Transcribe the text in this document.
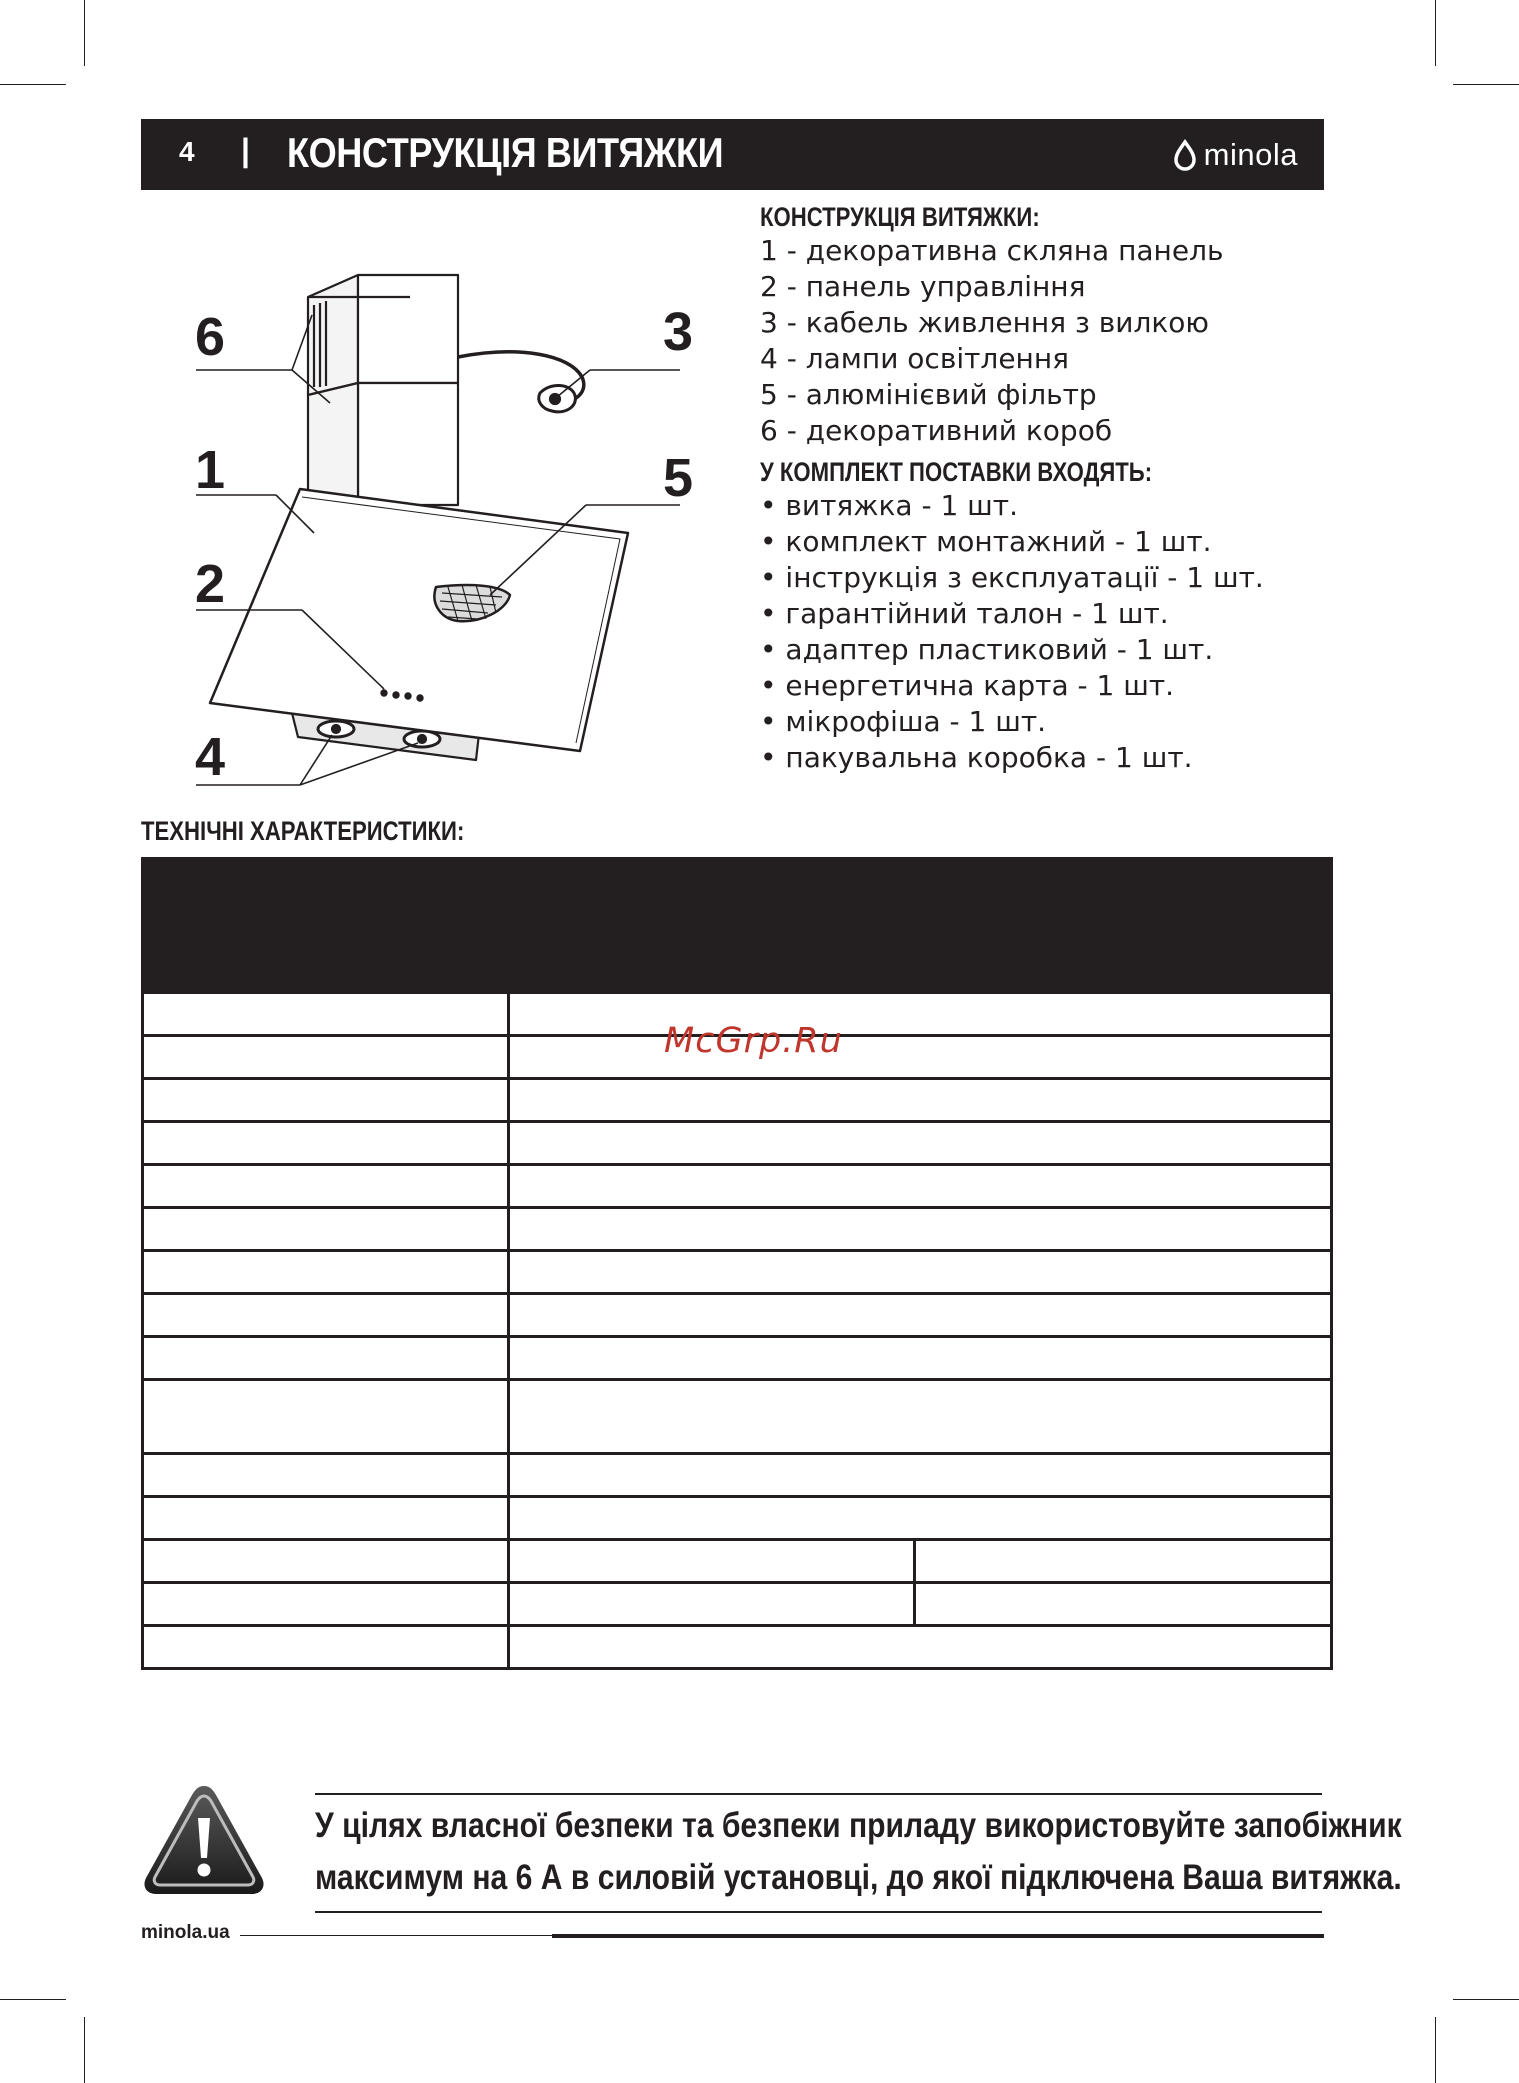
4 | КОНСТРУКЦІЯ ВИТЯЖКИ	minola
6	3
1	5
2
4

КОНСТРУКЦІЯ ВИТЯЖКИ:

1 - декоративна скляна панель
2 - панель управління
3 - кабель живлення з вилкою
4 - лампи освітлення
5 - алюмінієвий фільтр
6 - декоративний короб

У КОМПЛЕКТ ПОСТАВКИ ВХОДЯТЬ:

• витяжка - 1 шт.
• комплект монтажний - 1 шт.
• інструкція з експлуатації - 1 шт.
• гарантійний талон - 1 шт.
• адаптер пластиковий - 1 шт.
• енергетична карта - 1 шт.
• мікрофіша - 1 шт.
• пакувальна коробка - 1 шт.

ТЕХНІЧНІ ХАРАКТЕРИСТИКИ:

McGrp.Ru

У цілях власної безпеки та безпеки приладу використовуйте запобіжник

максимум на 6 А в силовій установці, до якої підключена Ваша витяжка.

minola.ua
